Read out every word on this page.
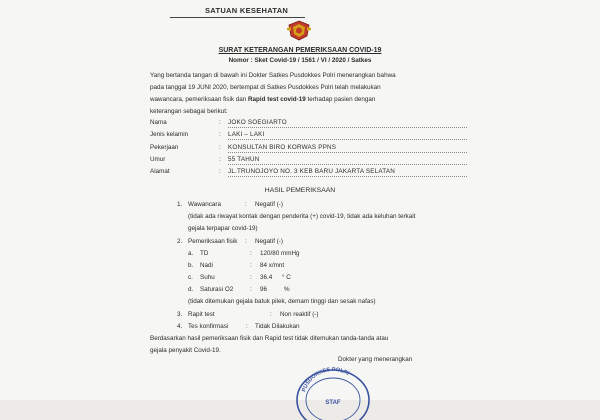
SATUAN KESEHATAN
SURAT KETERANGAN PEMERIKSAAN COVID-19
Nomor : Sket Covid-19 / 1561 / VI / 2020 / Satkes
Yang bertanda tangan di bawah ini Dokter Satkes Pusdokkes Polri menerangkan bahwa
pada tanggal 19 JUNI 2020, bertempat di Satkes Pusdokkes Polri telah melakukan
wawancara, pemeriksaan fisik dan Rapid test covid-19 terhadap pasien dengan
keterangan sebagai berikut:
Nama	: JOKO SOEGIARTO
Jenis kelamin	: LAKI – LAKI
Pekerjaan	: KONSULTAN BIRO KORWAS PPNS
Umur	: 55 TAHUN
Alamat	: JL.TRUNOJOYO NO. 3 KEB BARU JAKARTA SELATAN
HASIL PEMERIKSAAN
1. Wawancara	: Negatif (-)
(tidak ada riwayat kontak dengan penderita (+) covid-19, tidak ada keluhan terkait
gejala terpapar covid-19)
2. Pemeriksaan fisik : Negatif (-)
a. TD	: 120/80 mmHg
b. Nadi	: 84 x/mnt
c. Suhu	: 36.4 ° C
d. Saturasi O2	: 96	%
(tidak ditemukan gejala batuk pilek, demam tinggi dan sesak nafas)
3. Rapit test	: Non reaktif (-)
4. Tes konfirmasi	: Tidak Dilakukan
Berdasarkan hasil pemeriksaan fisik dan Rapid test tidak ditemukan tanda-tanda atau
gejala penyakit Covid-19.
Dokter yang menerangkan
PUSDOKKES POLRI
STAF
